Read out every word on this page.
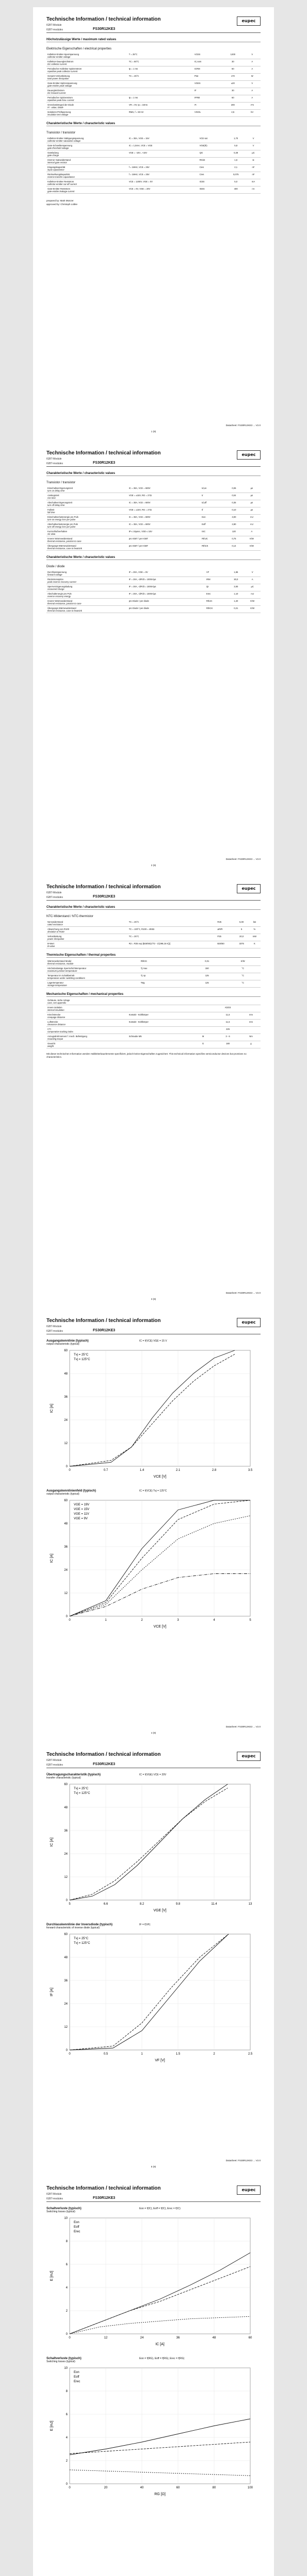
Technische Information / technical information	eupec
IGBT-Module
IGBT-modules	FS30R12KE3
Höchstzulässige Werte / maximum rated values
Elektrische Eigenschaften / electrical properties
Kollektor-Emitter-Sperrspannung
collector-emitter voltage	T = 25°C	VCES	1200	V

Kollektor-Dauergleichstrom
DC-collector current	TC = 80°C	IC,nom	30	A

Periodischer Kollektor Spitzenstrom
repetitive peak collector current	tp = 1 ms	ICRM	60	A

Gesamt-Verlustleistung
total power dissipation	TC = 25°C	Ptot	170	W

Gate-Emitter-Spitzenspannung
gate-emitter peak voltage		VGES	±20	V

Dauergleichstrom
DC forward current		IF	30	A

Periodischer Spitzenstrom
repetitive peak forw. current	tp = 1 ms	IFRM	60	A

Grenzlastintegral der Diode
I²t - value, Diode	VR = 0V, tp = 10ms	I²t	200	A²s

Isolations-Prüfspannung
insulation test voltage	RMS, f = 50 Hz	VISOL	2,5	kV
Charakteristische Werte / characteristic values
Transistor / transistor
Kollektor-Emitter Sättigungsspannung
collector-emitter saturation voltage	IC = 30A, VGE = 15V	VCE sat	1,70	V

Gate-Schwellenspannung
gate threshold voltage	IC = 1,5mA, VCE = VGE	VGE(th)	5,8	V

Gateladung
gate charge	VGE = -15V...+15V	QG	0,28	µC

Interner Gatewiderstand
internal gate resistor		RGint	1,6	Ω

Eingangskapazität
input capacitance	f = 1MHz, VCE = 25V	Cies	2,1	nF

Rückwirkungskapazität
reverse transfer capacitance	f = 1MHz, VCE = 25V	Cres	0,075	nF

Kollektor-Emitter Reststrom
collector-emitter cut-off current	VCE = 1200V, VGE = 0V	ICES	5,0	mA

Gate-Emitter Reststrom
gate-emitter leakage current	VCE = 0V, VGE = 20V	IGES	400	nA
prepared by: Mark Münzer
approved by: Christoph Lübke
Datasheet: FS30R12KE3 ... V2.0
1 (9)
Technische Information / technical information	eupec
IGBT-Module
IGBT-modules	FS30R12KE3
Charakteristische Werte / characteristic values
Transistor / transistor
Einschaltverzögerungszeit
turn on delay time	IC = 30A, VCE = 600V	td,on	0,06	µs

Anstiegszeit
rise time	VGE = ±15V, RG = 27Ω	tr	0,04	µs

Abschaltverzögerungszeit
turn off delay time	IC = 30A, VCE = 600V	td,off	0,35	µs

Fallzeit
fall time	VGE = ±15V, RG = 27Ω	tf	0,10	µs

Einschaltverlustenergie pro Puls
turn-on energy loss per pulse	IC = 30A, VCE = 600V	Eon	3,00	mJ

Abschaltverlustenergie pro Puls
turn-off energy loss per pulse	IC = 30A, VCE = 600V	Eoff	2,80	mJ

Kurzschlußverhalten
SC data	tP ≤ 10µsec, VGE ≤ 15V	ISC	120	A

Innerer Wärmewiderstand
thermal resistance, junction to case	pro IGBT / per IGBT	RthJC	0,75	K/W

Übergangs-Wärmewiderstand
thermal resistance, case to heatsink	pro IGBT / per IGBT	RthCK	0,14	K/W
Charakteristische Werte / characteristic values
Diode / diode
Durchlassspannung
forward voltage	IF = 30A, VGE = 0V	VF	1,65	V

Rückstromspitze
peak reverse recovery current	IF = 30A, -diF/dt = 1000A/µs	IRM	30,0	A

Sperrverzögerungsladung
recovered charge	IF = 30A, -diF/dt = 1000A/µs	Qr	3,00	µC

Abschaltenergie pro Puls
reverse recovery energy	IF = 30A, -diF/dt = 1000A/µs	Erec	1,10	mJ

Innerer Wärmewiderstand
thermal resistance, junction to case	pro Diode / per diode	RthJC	1,20	K/W

Übergangs-Wärmewiderstand
thermal resistance, case to heatsink	pro Diode / per diode	RthCK	0,21	K/W
Datasheet: FS30R12KE3 ... V2.0
2 (9)
Technische Information / technical information	eupec
IGBT-Module
IGBT-modules	FS30R12KE3
Charakteristische Werte / characteristic values
NTC-Widerstand / NTC-thermistor
Nennwiderstand
rated resistance	TC = 25°C	R25	5,00	kΩ

Abweichung von R100
deviation of R100	TC = 100°C, R100 = 493Ω	ΔR/R	5	%

Verlustleistung
power dissipation	TC = 25°C	P25	20,0	mW

B-Wert
B-value	R2 = R25 exp [B25/50(1/T2 - 1/(298,15 K))]	B25/50	3375	K
Thermische Eigenschaften / thermal properties
Wärmewiderstand Modul
thermal resistance, module		RthCK	0,01	K/W

Höchstzulässige Sperrschichttemperatur
maximum junction temperature		Tj max	150	°C

Temperatur im Schaltbetrieb
temperature under switching conditions		Tj op	125	°C

Lagertemperatur
storage temperature		Tstg	125	°C
Mechanische Eigenschaften / mechanical properties
Gehäuse, siehe Anlage
case, see appendix				

Innere Isolation
internal insulation			Al2O3	

Kriechstrecke
creepage distance	Kontakt - Kühlkörper		11,5	mm

Luftstrecke
clearance distance	Kontakt - Kühlkörper		11,5	mm

CTI
comperative tracking index			225	

Anzugsdrehmoment f. mech. Befestigung
mounting torque	Schraube M5	M	3 - 6	Nm

Gewicht
weight		G	180	g
Mit dieser technischen Information werden Halbleiterbauelemente spezifiziert, jedoch keine Eigenschaften zugesichert. This technical information specifies semiconductor devices but promises no characteristics.
Datasheet: FS30R12KE3 ... V2.0
3 (9)
Technische Information / technical information	eupec
IGBT-Module
IGBT-modules	FS30R12KE3
Ausgangskennlinie (typisch)
output characteristic (typical)
IC = f(VCE) VGE = 15 V
0
0
0.7
12
1.4
24
2.1
36
2.8
48
3.5
60
VCE [V]
IC [A]
Tvj = 25°C
Tvj = 125°C
Ausgangskennlinienfeld (typisch)
output characteristic (typical)
IC = f(VCE) Tvj = 125°C
0
0
1
12
2
24
3
36
4
48
5
60
VCE [V]
IC [A]
VGE = 19V
VGE = 15V
VGE = 11V
VGE = 9V
Datasheet: FS30R12KE3 ... V2.0
4 (9)
Technische Information / technical information	eupec
IGBT-Module
IGBT-modules	FS30R12KE3
Übertragungscharakteristik (typisch)
transfer characteristic (typical)
IC = f(VGE) VCE = 20V
5
0
6.6
12
8.2
24
9.8
36
11.4
48
13
60
VGE [V]
IC [A]
Tvj = 25°C
Tvj = 125°C
Durchlasskennlinie der Inversdiode (typisch)
forward characteristic of inverse diode (typical)
IF = f(VF)
0
0
0.5
12
1
24
1.5
36
2
48
2.5
60
VF [V]
IF [A]
Tvj = 25°C
Tvj = 125°C
Datasheet: FS30R12KE3 ... V2.0
5 (9)
Technische Information / technical information	eupec
IGBT-Module
IGBT-modules	FS30R12KE3
Schaltverluste (typisch)
Switching losses (typical)
Eon = f(IC), Eoff = f(IC), Erec = f(IC)
0
0
12
2
24
4
36
6
48
8
60
10
IC [A]
E [mJ]
Eon
Eoff
Erec
Schaltverluste (typisch)
Switching losses (typical)
Eon = f(RG), Eoff = f(RG), Erec = f(RG)
0
0
20
2
40
4
60
6
80
8
100
10
RG [Ω]
E [mJ]
Eon
Eoff
Erec
